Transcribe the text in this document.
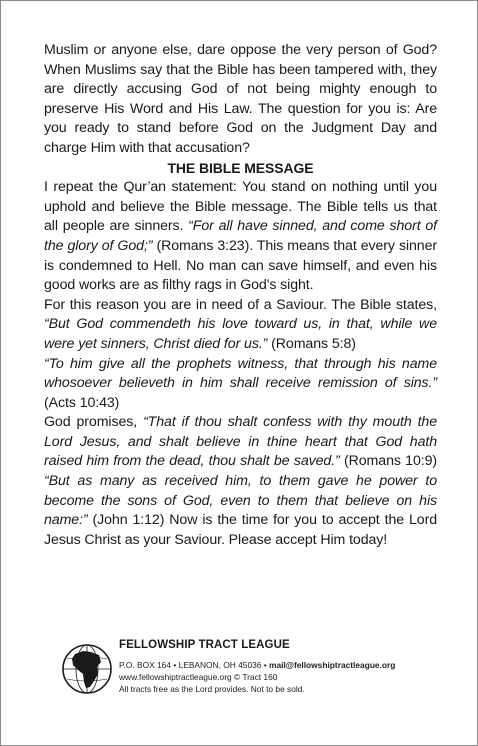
Muslim or anyone else, dare oppose the very person of God? When Muslims say that the Bible has been tampered with, they are directly accusing God of not being mighty enough to preserve His Word and His Law. The question for you is: Are you ready to stand before God on the Judgment Day and charge Him with that accusation?

THE BIBLE MESSAGE

I repeat the Qur’an statement: You stand on nothing until you uphold and believe the Bible message. The Bible tells us that all people are sinners. “For all have sinned, and come short of the glory of God;” (Romans 3:23). This means that every sinner is condemned to Hell. No man can save himself, and even his good works are as filthy rags in God's sight.

For this reason you are in need of a Saviour. The Bible states, “But God commendeth his love toward us, in that, while we were yet sinners, Christ died for us.” (Romans 5:8)

“To him give all the prophets witness, that through his name whosoever believeth in him shall receive remission of sins.” (Acts 10:43)

God promises, “That if thou shalt confess with thy mouth the Lord Jesus, and shalt believe in thine heart that God hath raised him from the dead, thou shalt be saved.” (Romans 10:9) “But as many as received him, to them gave he power to become the sons of God, even to them that believe on his name:” (John 1:12) Now is the time for you to accept the Lord Jesus Christ as your Saviour. Please accept Him today!

FELLOWSHIP TRACT LEAGUE
P.O. BOX 164 • LEBANON, OH 45036 • mail@fellowshiptractleague.org
www.fellowshiptractleague.org © Tract 160
All tracts free as the Lord provides. Not to be sold.
